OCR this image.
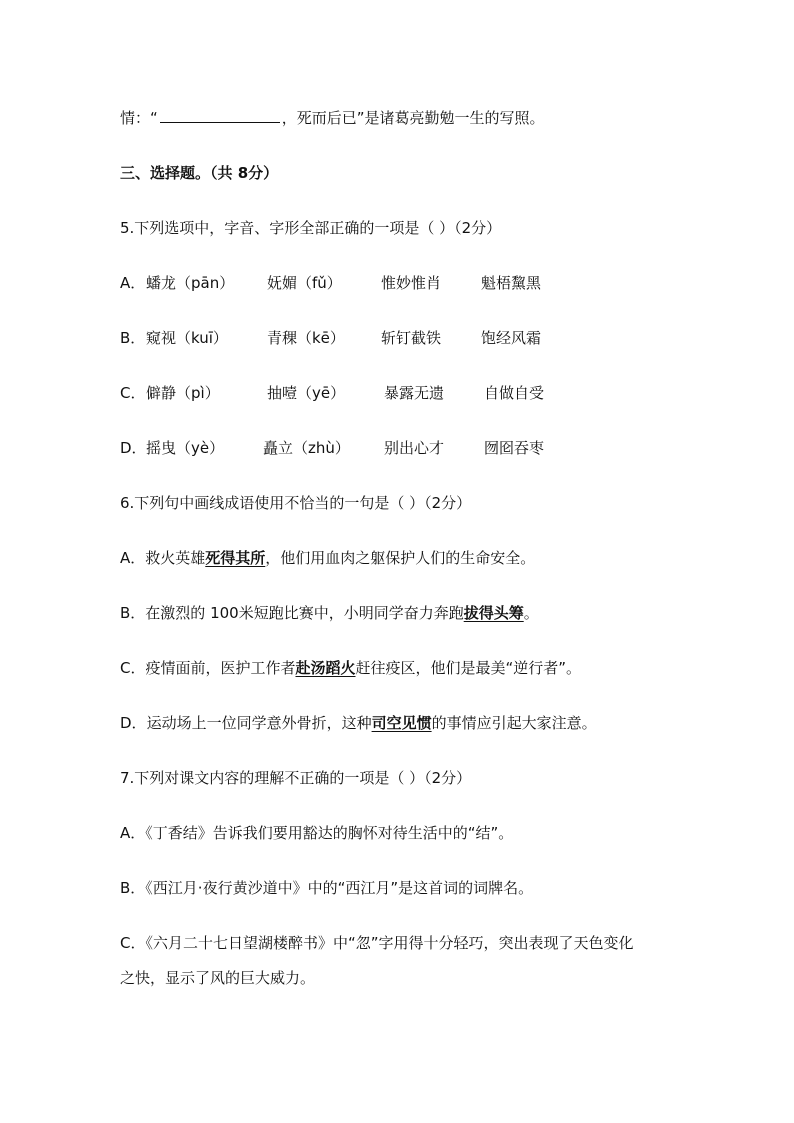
情：“	，死而后已”是诸葛亮勤勉一生的写照。
三、选择题。（共 8分）
5.下列选项中，字音、字形全部正确的一项是（ ）（2分）
A． 蟠龙（pān） 妩媚（fǔ）	惟妙惟肖	魁梧黧黑
B． 窥视（kuī）	青稞（kē） 斩钉截铁	饱经风霜
C． 僻静（pì）	抽噎（yē）	暴露无遗	自做自受
D． 摇曳（yè）	矗立（zhù） 别出心才	囫囵吞枣
6.下列句中画线成语使用不恰当的一句是（ ）（2分）
A．救火英雄死得其所，他们用血肉之躯保护人们的生命安全。
B．在激烈的 100米短跑比赛中，小明同学奋力奔跑拔得头筹。
C．疫情面前，医护工作者赴汤蹈火赶往疫区，他们是最美“逆行者”。
D．运动场上一位同学意外骨折，这种司空见惯的事情应引起大家注意。
7.下列对课文内容的理解不正确的一项是（ ）（2分）
A．《丁香结》告诉我们要用豁达的胸怀对待生活中的“结”。
B．《西江月·夜行黄沙道中》中的“西江月”是这首词的词牌名。
C．《六月二十七日望湖楼醉书》中“忽”字用得十分轻巧，突出表现了天色变化
之快，显示了风的巨大威力。
